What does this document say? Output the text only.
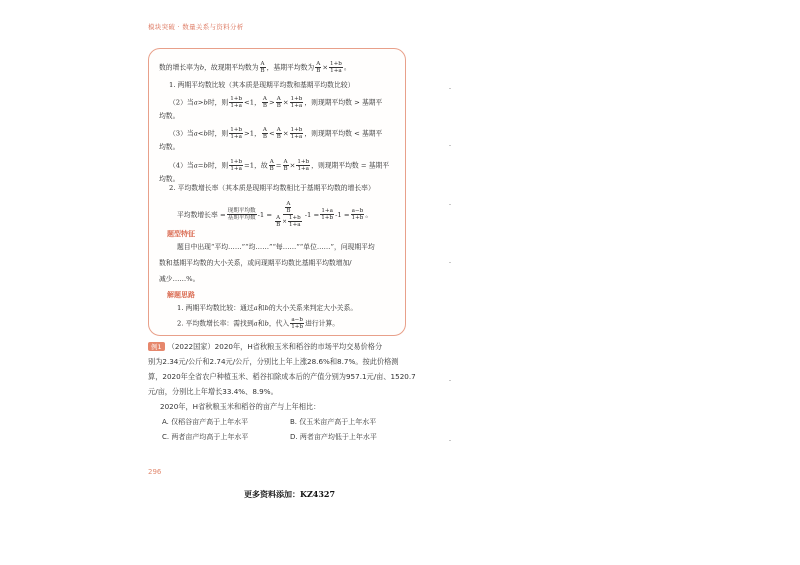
模块突破 · 数量关系与资料分析
数的增长率为b，故现期平均数为 $\frac{A}{B}$ ，基期平均数为 $\frac{A}{B} \times \frac{1+b}{1+a}$ 。
1. 两期平均数比较（其本质是现期平均数和基期平均数比较）
（2）当a>b时，则 $\frac{1+b}{1+a} <1$， $\frac{A}{B} > \frac{A}{B} \times \frac{1+b}{1+a}$ ，则现期平均数 > 基期平
均数。
（3）当a<b时，则 $\frac{1+b}{1+a} >1$， $\frac{A}{B} < \frac{A}{B} \times \frac{1+b}{1+a}$ ，则现期平均数 < 基期平
均数。
（4）当a=b时，则 $\frac{1+b}{1+a} =1$，故 $\frac{A}{B} = \frac{A}{B} \times \frac{1+b}{1+a}$ ，则现期平均数 = 基期平
均数。
2. 平均数增长率（其本质是现期平均数相比于基期平均数的增长率）
平均数增长率 = $\frac{\text{现期平均数}}{\text{基期平均数}} -1 = \frac{\frac{A}{B}}{\frac{A}{B} \times \frac{1+b}{1+a}} -1 = \frac{1+a}{1+b} -1 = \frac{a-b}{1+b}$ 。
题型特征
题目中出现“平均……”“均……”“每……”“单位……”，问现期平均
数和基期平均数的大小关系，或问现期平均数比基期平均数增加/
减少……%。
解题思路
1. 两期平均数比较：通过a和b的大小关系来判定大小关系。
2. 平均数增长率：需找到a和b，代入 $\frac{a-b}{1+b}$ 进行计算。
例1 （2022国家）2020年，H省秋粮玉米和稻谷的市场平均交易价格分
别为2.34元/公斤和2.74元/公斤，分别比上年上涨28.6%和8.7%。按此价格测
算，2020年全省农户种植玉米、稻谷扣除成本后的产值分别为957.1元/亩、1520.7
元/亩，分别比上年增长33.4%、8.9%。
2020年，H省秋粮玉米和稻谷的亩产与上年相比：
A. 仅稻谷亩产高于上年水平	B. 仅玉米亩产高于上年水平
C. 两者亩产均高于上年水平	D. 两者亩产均低于上年水平
296
更多资料添加：KZ4327
